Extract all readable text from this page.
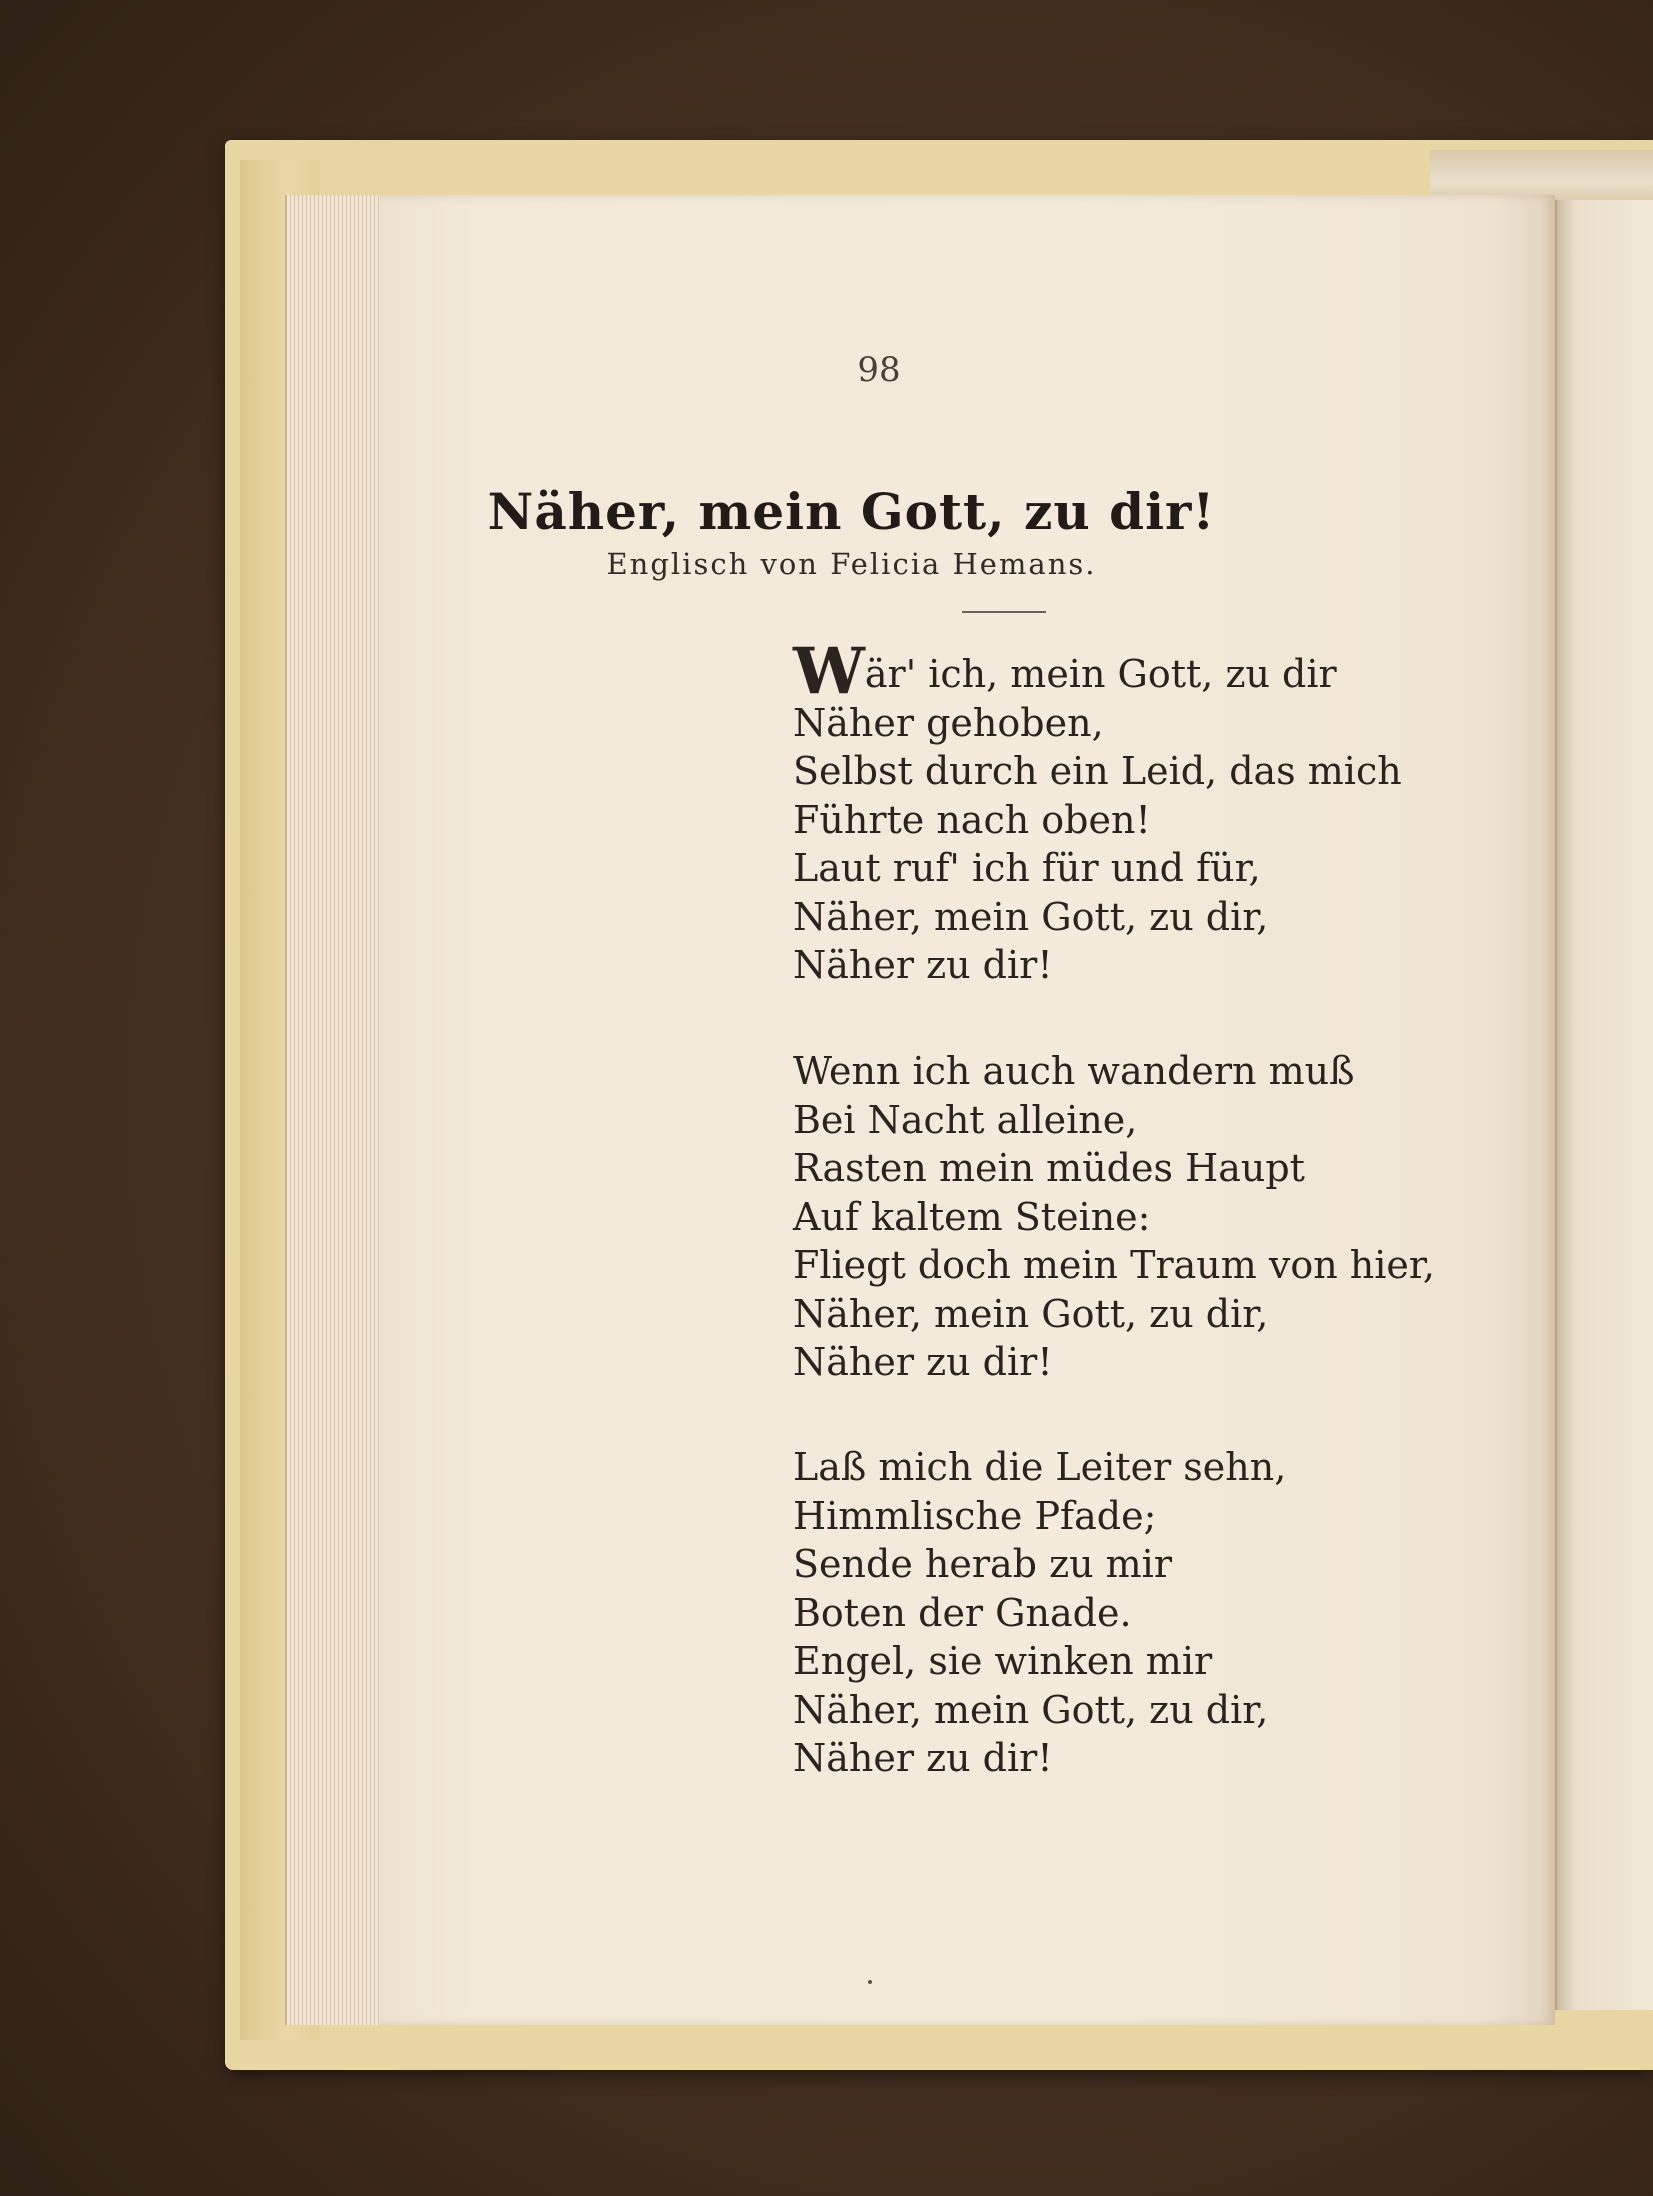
98
Näher, mein Gott, zu dir!
Englisch von Felicia Hemans.
Wär' ich, mein Gott, zu dir
Näher gehoben,
Selbst durch ein Leid, das mich
Führte nach oben!
Laut ruf' ich für und für,
Näher, mein Gott, zu dir,
Näher zu dir!
Wenn ich auch wandern muß
Bei Nacht alleine,
Rasten mein müdes Haupt
Auf kaltem Steine:
Fliegt doch mein Traum von hier,
Näher, mein Gott, zu dir,
Näher zu dir!
Laß mich die Leiter sehn,
Himmlische Pfade;
Sende herab zu mir
Boten der Gnade.
Engel, sie winken mir
Näher, mein Gott, zu dir,
Näher zu dir!
